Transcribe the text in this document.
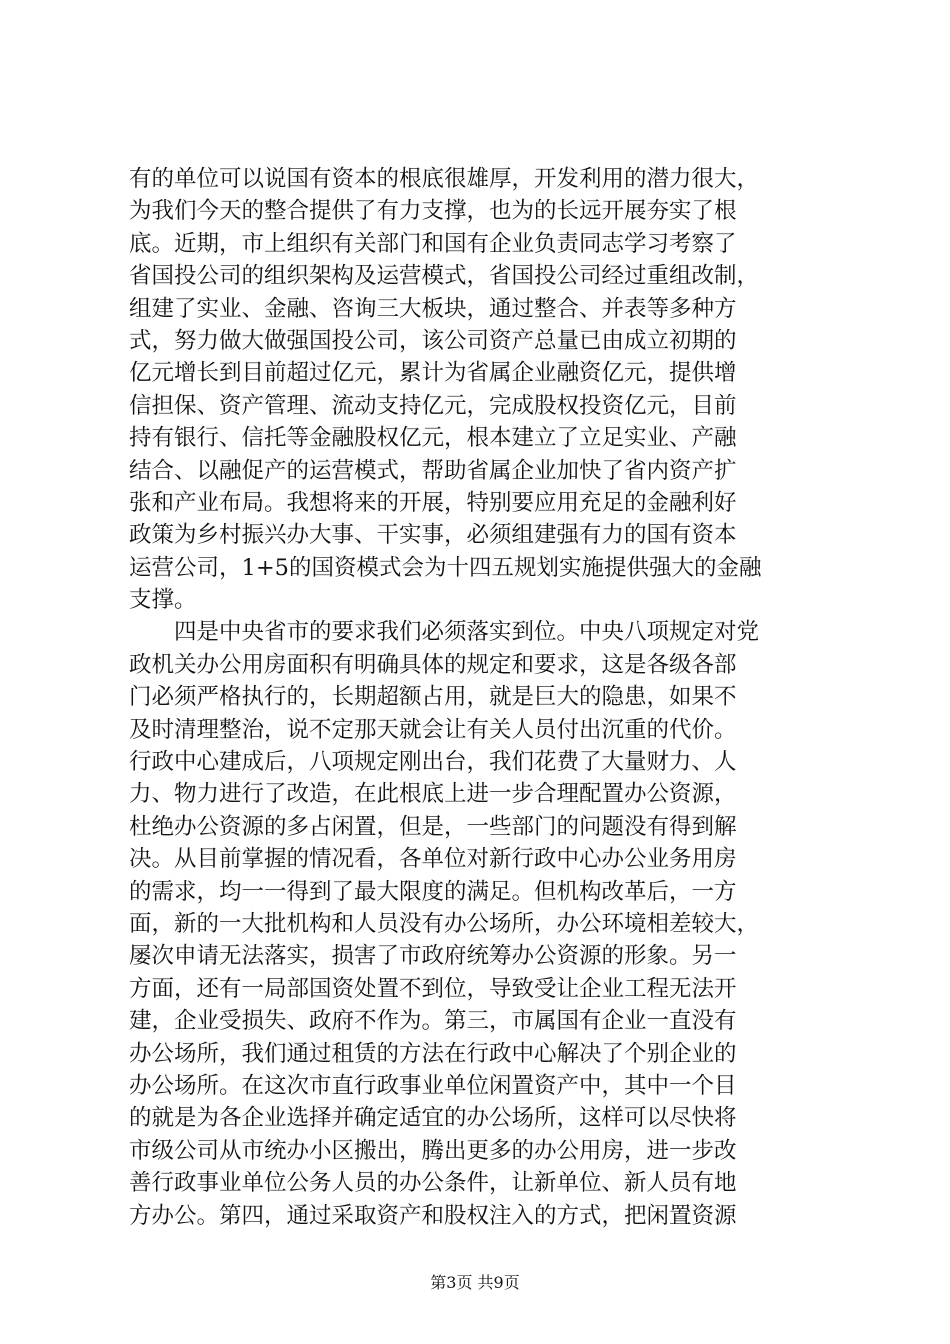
有的单位可以说国有资本的根底很雄厚，开发利用的潜力很大，
为我们今天的整合提供了有力支撑，也为的长远开展夯实了根
底。近期，市上组织有关部门和国有企业负责同志学习考察了
省国投公司的组织架构及运营模式，省国投公司经过重组改制，
组建了实业、金融、咨询三大板块，通过整合、并表等多种方
式，努力做大做强国投公司，该公司资产总量已由成立初期的
亿元增长到目前超过亿元，累计为省属企业融资亿元，提供增
信担保、资产管理、流动支持亿元，完成股权投资亿元，目前
持有银行、信托等金融股权亿元，根本建立了立足实业、产融
结合、以融促产的运营模式，帮助省属企业加快了省内资产扩
张和产业布局。我想将来的开展，特别要应用充足的金融利好
政策为乡村振兴办大事、干实事，必须组建强有力的国有资本
运营公司，1+5的国资模式会为十四五规划实施提供强大的金融
支撑。
　　四是中央省市的要求我们必须落实到位。中央八项规定对党
政机关办公用房面积有明确具体的规定和要求，这是各级各部
门必须严格执行的，长期超额占用，就是巨大的隐患，如果不
及时清理整治，说不定那天就会让有关人员付出沉重的代价。
行政中心建成后，八项规定刚出台，我们花费了大量财力、人
力、物力进行了改造，在此根底上进一步合理配置办公资源，
杜绝办公资源的多占闲置，但是，一些部门的问题没有得到解
决。从目前掌握的情况看，各单位对新行政中心办公业务用房
的需求，均一一得到了最大限度的满足。但机构改革后，一方
面，新的一大批机构和人员没有办公场所，办公环境相差较大，
屡次申请无法落实，损害了市政府统筹办公资源的形象。另一
方面，还有一局部国资处置不到位，导致受让企业工程无法开
建，企业受损失、政府不作为。第三，市属国有企业一直没有
办公场所，我们通过租赁的方法在行政中心解决了个别企业的
办公场所。在这次市直行政事业单位闲置资产中，其中一个目
的就是为各企业选择并确定适宜的办公场所，这样可以尽快将
市级公司从市统办小区搬出，腾出更多的办公用房，进一步改
善行政事业单位公务人员的办公条件，让新单位、新人员有地
方办公。第四，通过采取资产和股权注入的方式，把闲置资源
第3页 共9页
